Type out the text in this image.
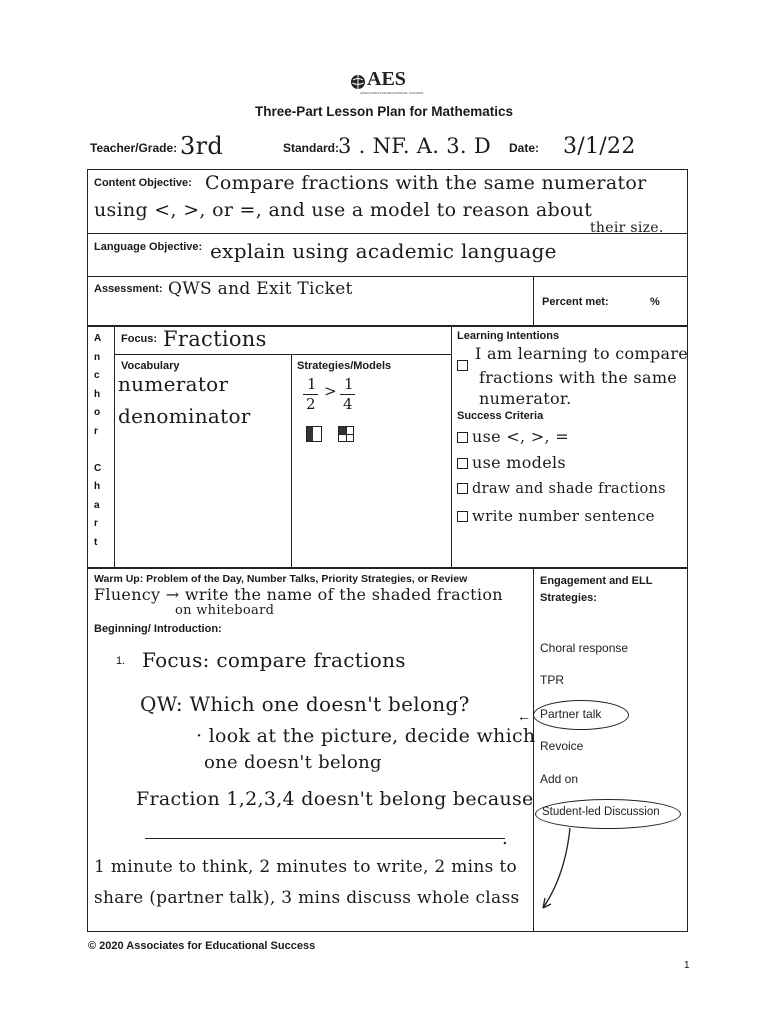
AES
ASSOCIATES FOR EDUCATIONAL SUCCESS
Three-Part Lesson Plan for Mathematics
Teacher/Grade: 3rd	Standard:
3 . NF. A. 3. D Date: 3/1/22
Content Objective: Compare fractions with the same numerator
using <, >, or =, and use a model to reason about
their size.
Language Objective: explain using academic language
Assessment: QWS and Exit Ticket
Percent met:	%
A
n
c
h
o
r

C
h
a
r
t
Focus: Fractions
Vocabulary
numerator
denominator
Strategies/Models
1
2
> 1
4
Learning Intentions
I am learning to compare
fractions with the same
numerator.
Success Criteria
use <, >, =
use models
draw and shade fractions
write number sentence
Warm Up: Problem of the Day, Number Talks, Priority Strategies, or Review
Fluency → write the name of the shaded fraction
on whiteboard
Beginning/ Introduction:
1. Focus: compare fractions
QW: Which one doesn't belong?	←
· look at the picture, decide which
one doesn't belong
Fraction 1,2,3,4 doesn't belong because
.
1 minute to think, 2 minutes to write, 2 mins to
share (partner talk), 3 mins discuss whole class
Engagement and ELL Strategies:
Choral response
TPR
Partner talk
Revoice
Add on
Student-led Discussion
© 2020 Associates for Educational Success
1
